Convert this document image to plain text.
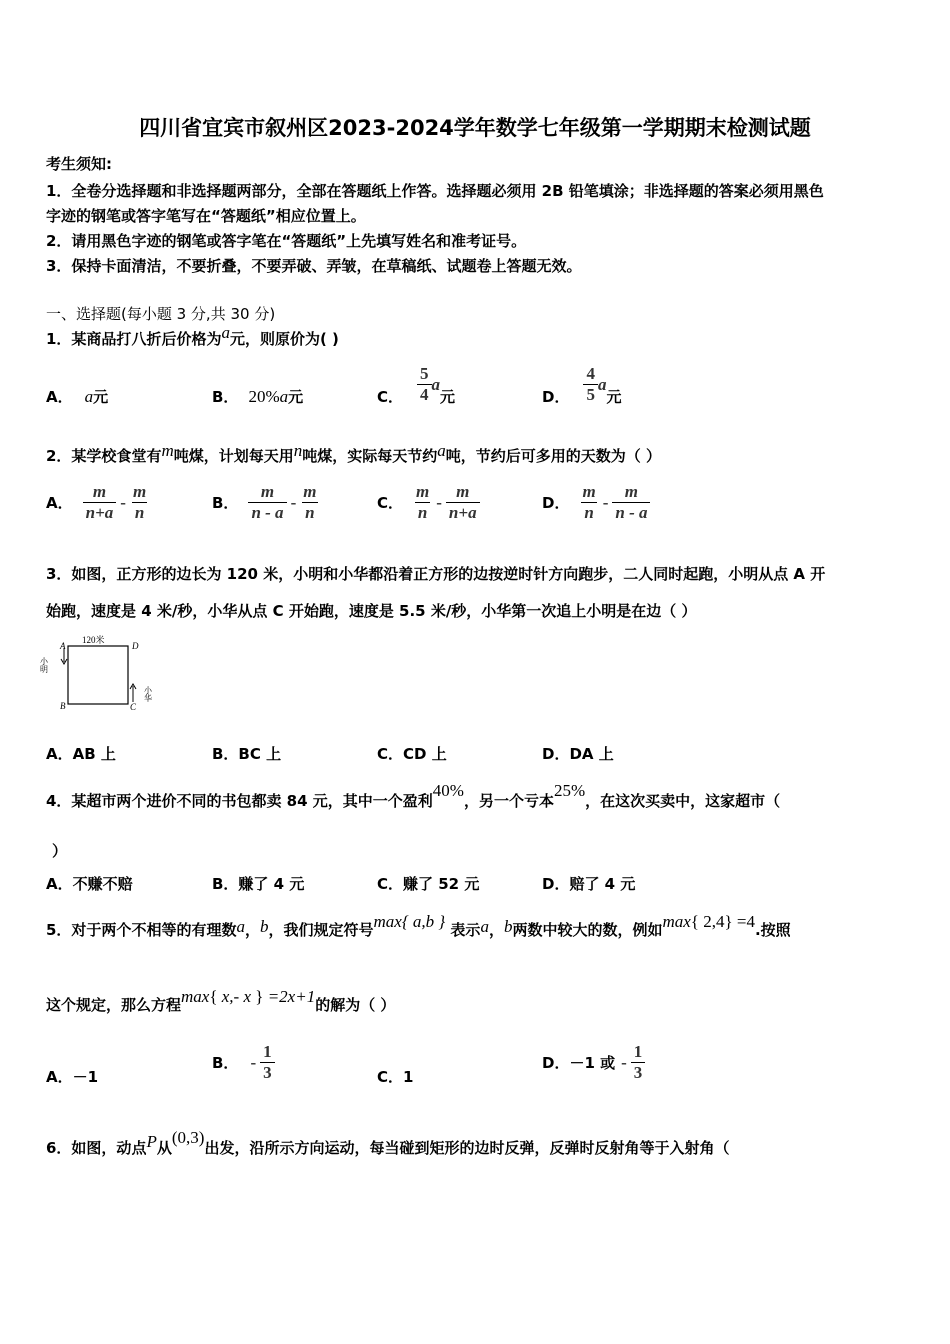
四川省宜宾市叙州区2023-2024学年数学七年级第一学期期末检测试题
考生须知:
1．全卷分选择题和非选择题两部分，全部在答题纸上作答。选择题必须用 2B 铅笔填涂；非选择题的答案必须用黑色
字迹的钢笔或答字笔写在“答题纸”相应位置上。
2．请用黑色字迹的钢笔或答字笔在“答题纸”上先填写姓名和准考证号。
3．保持卡面清洁，不要折叠，不要弄破、弄皱，在草稿纸、试题卷上答题无效。
一、选择题(每小题 3 分,共 30 分)
1．某商品打八折后价格为a元，则原价为( )
A． a元	B． 20%a元	C． $\frac{5}{4}$ a
元	D． $\frac{4}{5}$ a
元
2．某学校食堂有m吨煤，计划每天用n吨煤，实际每天节约a吨，节约后可多用的天数为（ ）
A． $\frac{m}{n+a} - \frac{m}{n}$	B． $\frac{m}{n - a} - \frac{m}{n}$	C． $\frac{m}{n} - \frac{m}{n+a}$	D． $\frac{m}{n} - \frac{m}{n - a}$
3．如图，正方形的边长为 120 米，小明和小华都沿着正方形的边按逆时针方向跑步，二人同时起跑，小明从点 A 开
始跑，速度是 4 米/秒，小华从点 C 开始跑，速度是 5.5 米/秒，小华第一次追上小明是在边（ ）
120米
A	D
B	C
小明
小华
A．AB 上	B．BC 上	C．CD 上	D．DA 上
4．某超市两个进价不同的书包都卖 84 元，其中一个盈利40%，另一个亏本25%，在这次买卖中，这家超市（
）
A．不赚不赔	B．赚了 4 元	C．赚了 52 元	D．赔了 4 元
5．对于两个不相等的有理数a，b，我们规定符号max{ a,b } 表示a，b两数中较大的数，例如max{ 2,4} =4.按照
这个规定，那么方程max{ x,- x } =2x+1的解为（ ）
A．－1
B． - $\frac{1}{3}$	C．1
D．－1 或 - $\frac{1}{3}$
6．如图，动点P从(0,3)出发，沿所示方向运动，每当碰到矩形的边时反弹，反弹时反射角等于入射角（
